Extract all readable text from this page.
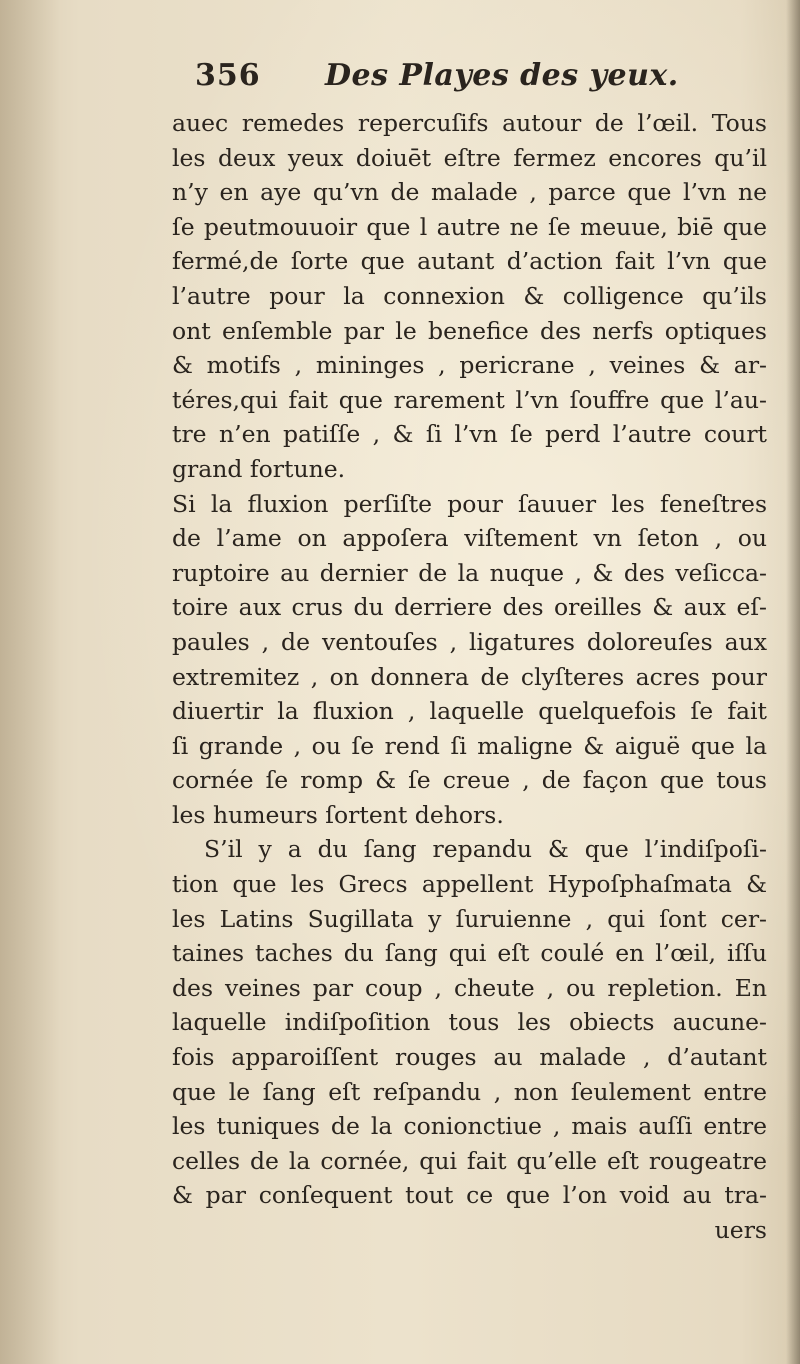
356 Des Playes des yeux.
auec remedes repercuſifs autour de l’œil. Tous
les deux yeux doiuēt eſtre fermez encores qu’il
n’y en aye qu’vn de malade , parce que l’vn ne
ſe peutmouuoir que l autre ne ſe meuue, biē que
fermé,de ſorte que autant d’action fait l’vn que
l’autre pour la connexion & colligence qu’ils
ont enſemble par le benefice des nerfs optiques
& motifs , mininges , pericrane , veines & ar-
téres,qui fait que rarement l’vn ſouffre que l’au-
tre n’en patiſſe , & ſi l’vn ſe perd l’autre court
grand fortune.
Si la fluxion perſiſte pour ſauuer les feneſtres
de l’ame on appoſera viſtement vn ſeton , ou
ruptoire au dernier de la nuque , & des veſicca-
toire aux crus du derriere des oreilles & aux eſ-
paules , de ventouſes , ligatures doloreuſes aux
extremitez , on donnera de clyſteres acres pour
diuertir la fluxion , laquelle quelquefois ſe fait
ſi grande , ou ſe rend ſi maligne & aiguë que la
cornée ſe romp & ſe creue , de façon que tous
les humeurs ſortent dehors.
S’il y a du ſang repandu & que l’indiſpoſi-
tion que les Grecs appellent Hypoſphaſmata &
les Latins Sugillata y ſuruienne , qui ſont cer-
taines taches du ſang qui eſt coulé en l’œil, iſſu
des veines par coup , cheute , ou repletion. En
laquelle indiſpoſition tous les obiects aucune-
fois apparoiſſent rouges au malade , d’autant
que le ſang eſt reſpandu , non ſeulement entre
les tuniques de la conionctiue , mais auſſi entre
celles de la cornée, qui fait qu’elle eſt rougeatre
& par conſequent tout ce que l’on void au tra-
uers
